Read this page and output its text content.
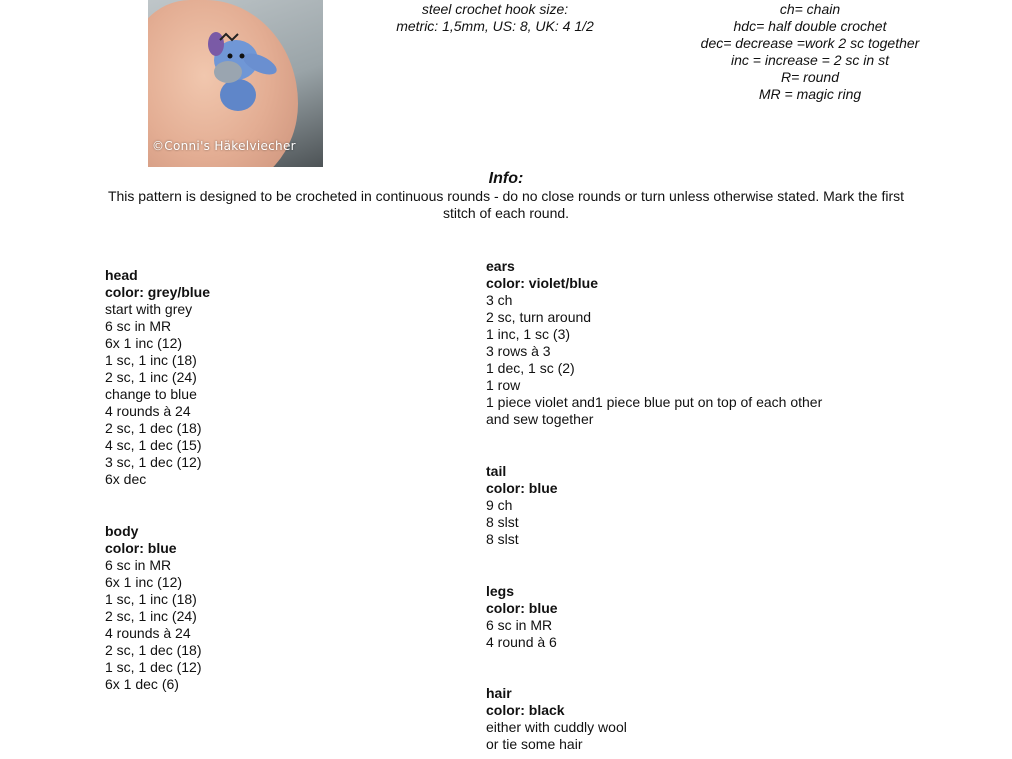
©Conni's Häkelviecher
steel crochet hook size:
metric: 1,5mm, US: 8, UK: 4 1/2
ch= chain
hdc= half double crochet
dec= decrease =work 2 sc together
inc = increase = 2 sc in st
R= round
MR = magic ring
Info:
This pattern is designed to be crocheted in continuous rounds - do no close rounds or turn unless otherwise stated. Mark the first stitch of each round.
head
color: grey/blue
start with grey
6 sc in MR
6x 1 inc (12)
1 sc, 1 inc (18)
2 sc, 1 inc (24)
change to blue
4 rounds à 24
2 sc, 1 dec (18)
4 sc, 1 dec (15)
3 sc, 1 dec (12)
6x dec
body
color: blue
6 sc in MR
6x 1 inc (12)
1 sc, 1 inc (18)
2 sc, 1 inc (24)
4 rounds à 24
2 sc, 1 dec (18)
1 sc, 1 dec (12)
6x 1 dec (6)
ears
color: violet/blue
3 ch
2 sc, turn around
1 inc, 1 sc (3)
3 rows à 3
1 dec, 1 sc (2)
1 row
1 piece violet and1 piece blue put on top of each other
and sew together
tail
color: blue
9 ch
8 slst
8 slst
legs
color: blue
6 sc in MR
4 round à 6
hair
color: black
either with cuddly wool
or tie some hair
